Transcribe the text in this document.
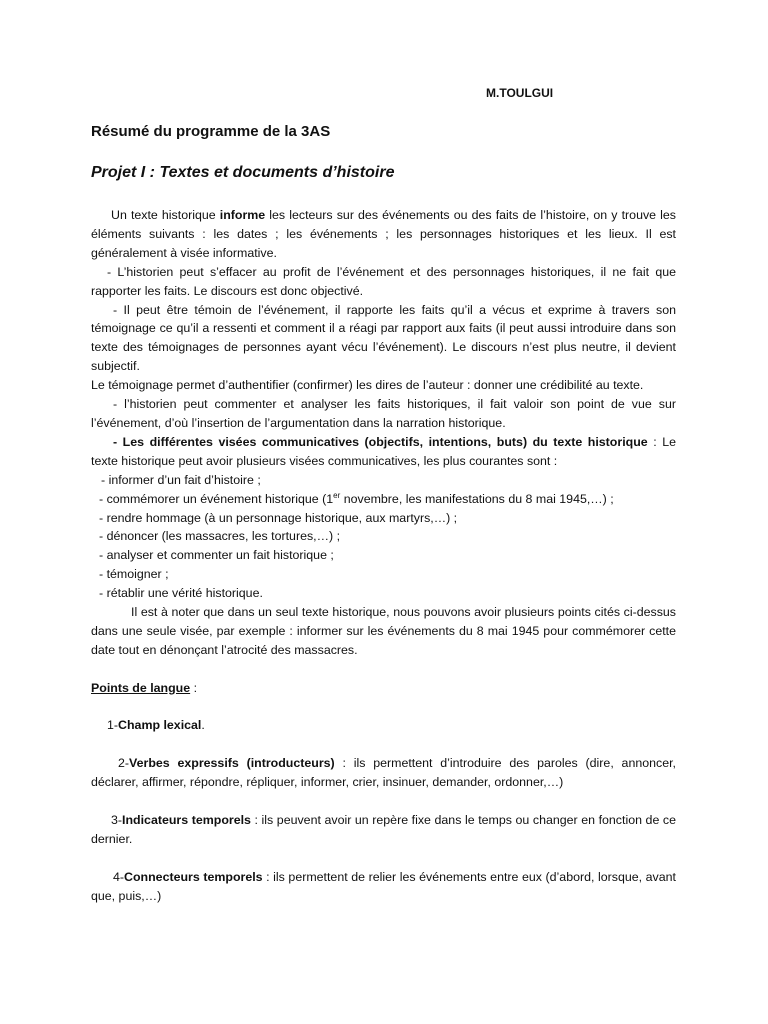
M.TOULGUI
Résumé du programme de la 3AS
Projet I : Textes et documents d’histoire

Un texte historique informe les lecteurs sur des événements ou des faits de l’histoire, on y trouve les éléments suivants : les dates ; les événements ; les personnages historiques et les lieux. Il est généralement à visée informative.

- L’historien peut s’effacer au profit de l’événement et des personnages historiques, il ne fait que rapporter les faits. Le discours est donc objectivé.

- Il peut être témoin de l’événement, il rapporte les faits qu’il a vécus et exprime à travers son témoignage ce qu’il a ressenti et comment il a réagi par rapport aux faits (il peut aussi introduire dans son texte des témoignages de personnes ayant vécu l’événement). Le discours n’est plus neutre, il devient subjectif.

Le témoignage permet d’authentifier (confirmer) les dires de l’auteur : donner une crédibilité au texte.

- l’historien peut commenter et analyser les faits historiques, il fait valoir son point de vue sur l’événement, d’où l’insertion de l’argumentation dans la narration historique.

- Les différentes visées communicatives (objectifs, intentions, buts) du texte historique : Le texte historique peut avoir plusieurs visées communicatives, les plus courantes sont :

- informer d’un fait d’histoire ;

- commémorer un événement historique (1er novembre, les manifestations du 8 mai 1945,…) ;

- rendre hommage (à un personnage historique, aux martyrs,…) ;

- dénoncer (les massacres, les tortures,…) ;

- analyser et commenter un fait historique ;

- témoigner ;

- rétablir une vérité historique.

Il est à noter que dans un seul texte historique, nous pouvons avoir plusieurs points cités ci-dessus dans une seule visée, par exemple : informer sur les événements du 8 mai 1945 pour commémorer cette date tout en dénonçant l’atrocité des massacres.

Points de langue :

1-Champ lexical.

2-Verbes expressifs (introducteurs) : ils permettent d’introduire des paroles (dire, annoncer, déclarer, affirmer, répondre, répliquer, informer, crier, insinuer, demander, ordonner,…)

3-Indicateurs temporels : ils peuvent avoir un repère fixe dans le temps ou changer en fonction de ce dernier.

4-Connecteurs temporels : ils permettent de relier les événements entre eux (d’abord, lorsque, avant que, puis,…)
